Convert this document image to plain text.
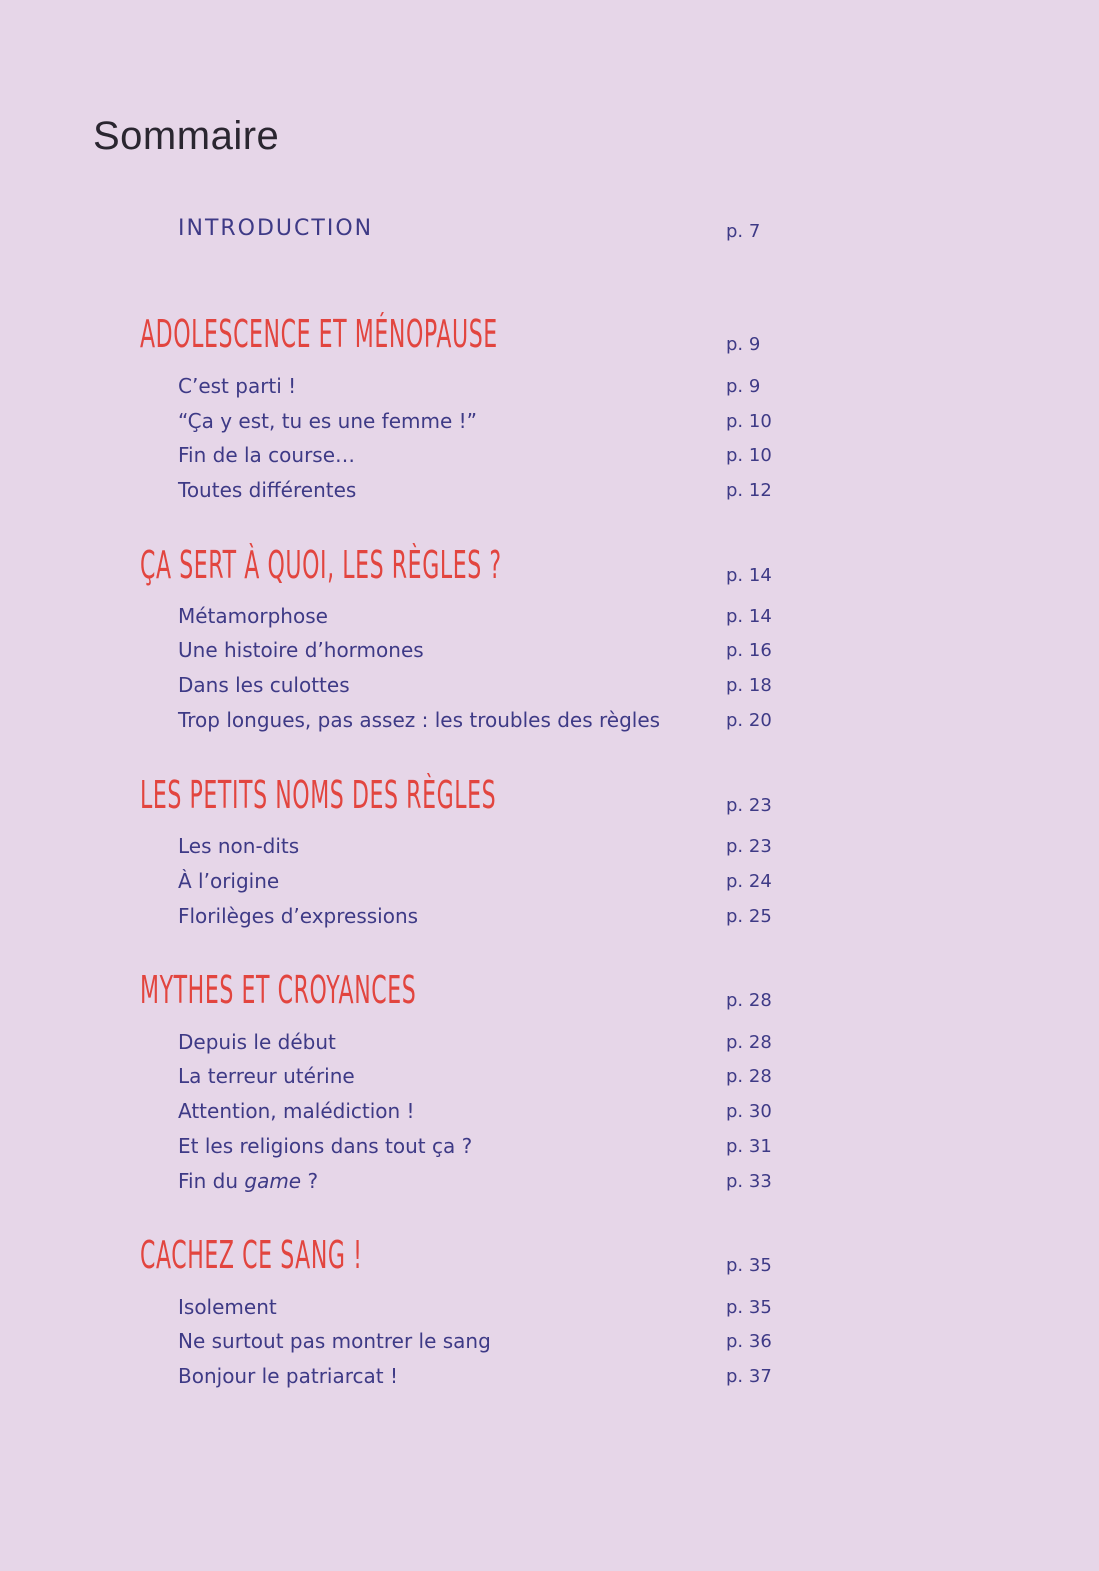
Sommaire
INTRODUCTION	p. 7
ADOLESCENCE ET MÉNOPAUSE	p. 9
C’est parti !	p. 9
“Ça y est, tu es une femme !”	p. 10
Fin de la course…	p. 10
Toutes différentes	p. 12
ÇA SERT À QUOI, LES RÈGLES ?	p. 14
Métamorphose	p. 14
Une histoire d’hormones	p. 16
Dans les culottes	p. 18
Trop longues, pas assez : les troubles des règles	p. 20
LES PETITS NOMS DES RÈGLES	p. 23
Les non-dits	p. 23
À l’origine	p. 24
Florilèges d’expressions	p. 25
MYTHES ET CROYANCES	p. 28
Depuis le début	p. 28
La terreur utérine	p. 28
Attention, malédiction !	p. 30
Et les religions dans tout ça ?	p. 31
Fin du game ?	p. 33
CACHEZ CE SANG !	p. 35
Isolement	p. 35
Ne surtout pas montrer le sang	p. 36
Bonjour le patriarcat !	p. 37
